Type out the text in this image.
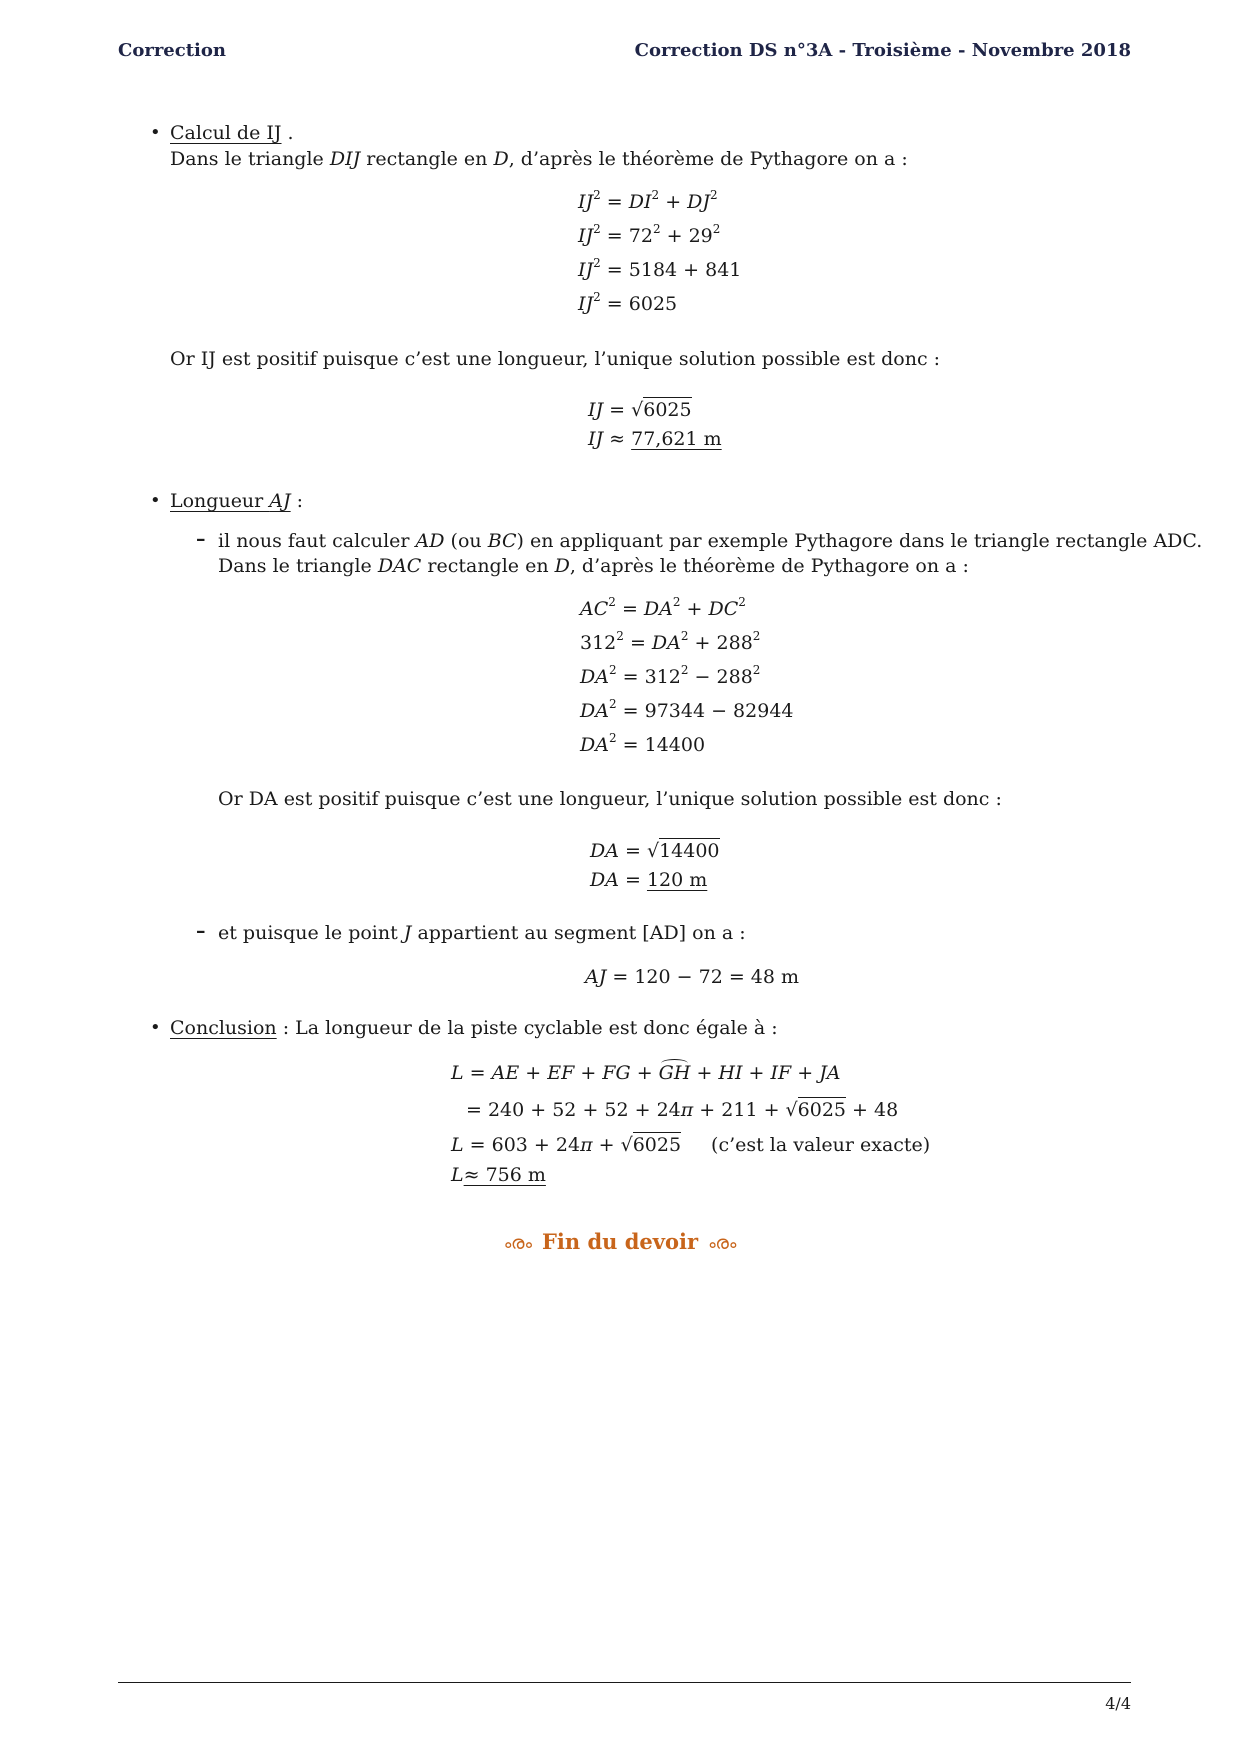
Correction	Correction DS n°3A - Troisième - Novembre 2018
• Calcul de IJ .
Dans le triangle DIJ rectangle en D, d’après le théorème de Pythagore on a :
$IJ^2 = DI^2 + DJ^2$
$IJ^2 = 72^2 + 29^2$
$IJ^2 = 5184 + 841$
$IJ^2 = 6025$
Or IJ est positif puisque c’est une longueur, l’unique solution possible est donc :
IJ = √6025
IJ ≈ 77,621 m
• Longueur AJ :
– il nous faut calculer AD (ou BC) en appliquant par exemple Pythagore dans le triangle rectangle ADC.
Dans le triangle DAC rectangle en D, d’après le théorème de Pythagore on a :
$AC^2 = DA^2 + DC^2$
$312^2 = DA^2 + 288^2$
$DA^2 = 312^2 - 288^2$
$DA^2 = 97344 - 82944$
$DA^2 = 14400$
Or DA est positif puisque c’est une longueur, l’unique solution possible est donc :
DA = √14400
DA = 120 m
– et puisque le point J appartient au segment [AD] on a :
AJ = 120 − 72 = 48 m
• Conclusion : La longueur de la piste cyclable est donc égale à :
L = AE + EF + FG + GH + HI + IF + JA
= 240 + 52 + 52 + 24π + 211 + √6025 + 48
L = 603 + 24π + √6025 (c’est la valeur exacte)
L≈ 756 m
ൟ Fin du devoir ൟ
4/4
